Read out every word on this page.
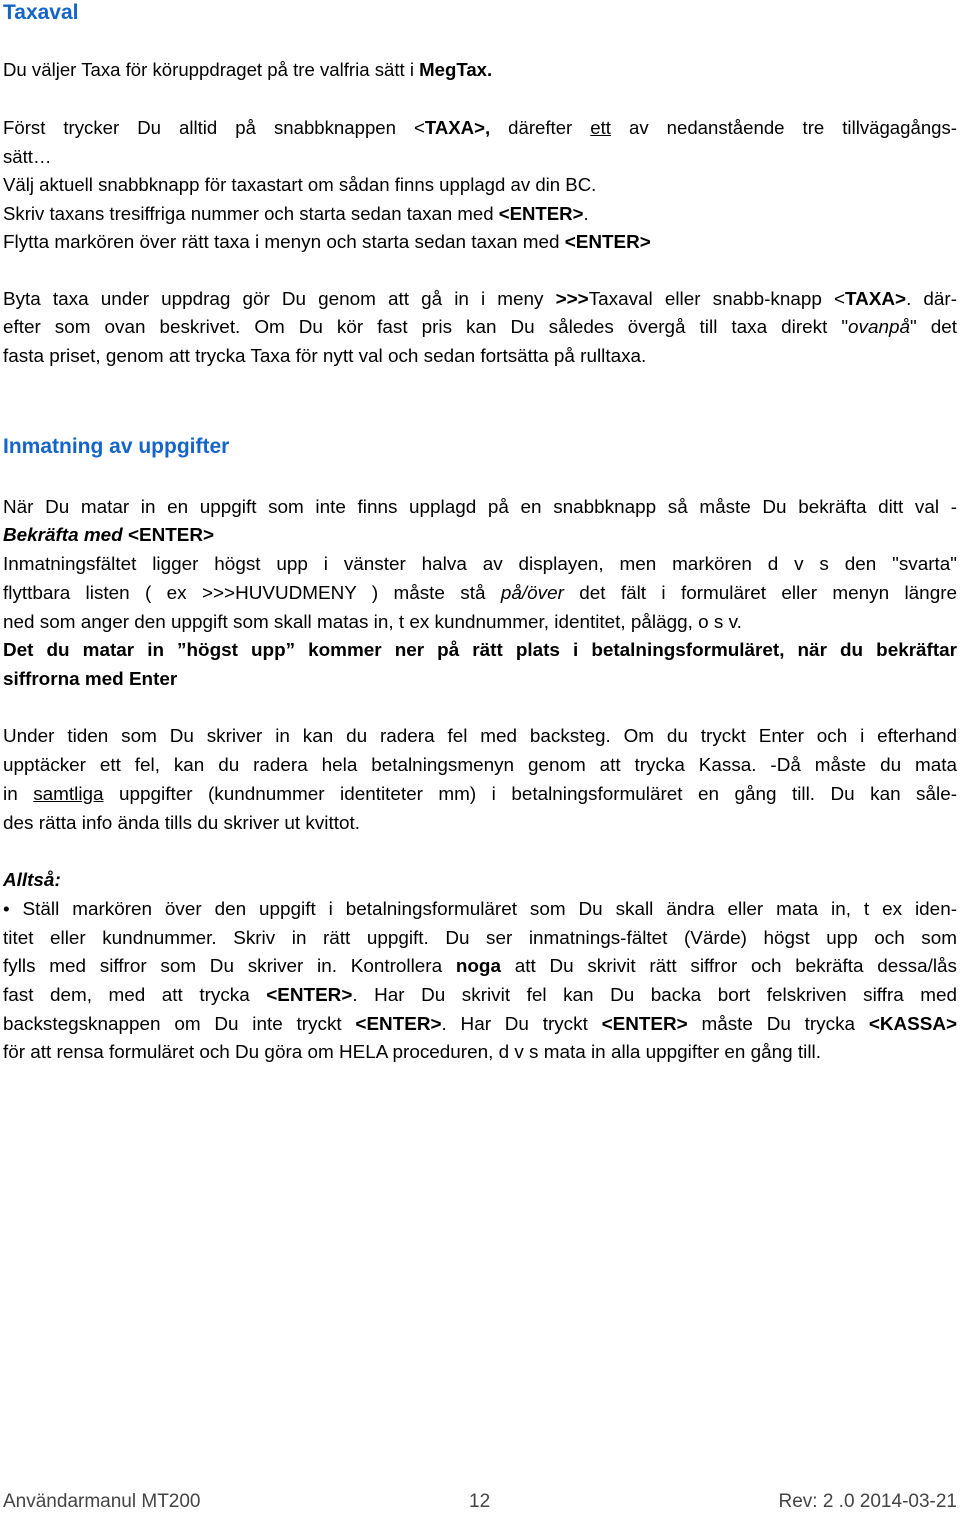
Taxaval

Du väljer Taxa för köruppdraget på tre valfria sätt i MegTax.

Först trycker Du alltid på snabbknappen <TAXA>, därefter ett av nedanstående tre tillvägagångs-

sätt…

Välj aktuell snabbknapp för taxastart om sådan finns upplagd av din BC.

Skriv taxans tresiffriga nummer och starta sedan taxan med <ENTER>.

Flytta markören över rätt taxa i menyn och starta sedan taxan med <ENTER>

Byta taxa under uppdrag gör Du genom att gå in i meny >>>Taxaval eller snabb-knapp <TAXA>. där-

efter som ovan beskrivet. Om Du kör fast pris kan Du således övergå till taxa direkt "ovanpå" det

fasta priset, genom att trycka Taxa för nytt val och sedan fortsätta på rulltaxa.

Inmatning av uppgifter

När Du matar in en uppgift som inte finns upplagd på en snabbknapp så måste Du bekräfta ditt val -

Bekräfta med <ENTER>

Inmatningsfältet ligger högst upp i vänster halva av displayen, men markören d v s den "svarta"

flyttbara listen ( ex >>>HUVUDMENY ) måste stå på/över det fält i formuläret eller menyn längre

ned som anger den uppgift som skall matas in, t ex kundnummer, identitet, pålägg, o s v.

Det du matar in ”högst upp” kommer ner på rätt plats i betalningsformuläret, när du bekräftar

siffrorna med Enter

Under tiden som Du skriver in kan du radera fel med backsteg. Om du tryckt Enter och i efterhand

upptäcker ett fel, kan du radera hela betalningsmenyn genom att trycka Kassa. -Då måste du mata

in samtliga uppgifter (kundnummer identiteter mm) i betalningsformuläret en gång till. Du kan såle-

des rätta info ända tills du skriver ut kvittot.

Alltså:

• Ställ markören över den uppgift i betalningsformuläret som Du skall ändra eller mata in, t ex iden-

titet eller kundnummer. Skriv in rätt uppgift. Du ser inmatnings-fältet (Värde) högst upp och som

fylls med siffror som Du skriver in. Kontrollera noga att Du skrivit rätt siffror och bekräfta dessa/lås

fast dem, med att trycka <ENTER>. Har Du skrivit fel kan Du backa bort felskriven siffra med

backstegsknappen om Du inte tryckt <ENTER>. Har Du tryckt <ENTER> måste Du trycka <KASSA>

för att rensa formuläret och Du göra om HELA proceduren, d v s mata in alla uppgifter en gång till.

Användarmanul MT200	12	Rev: 2 .0 2014-03-21
